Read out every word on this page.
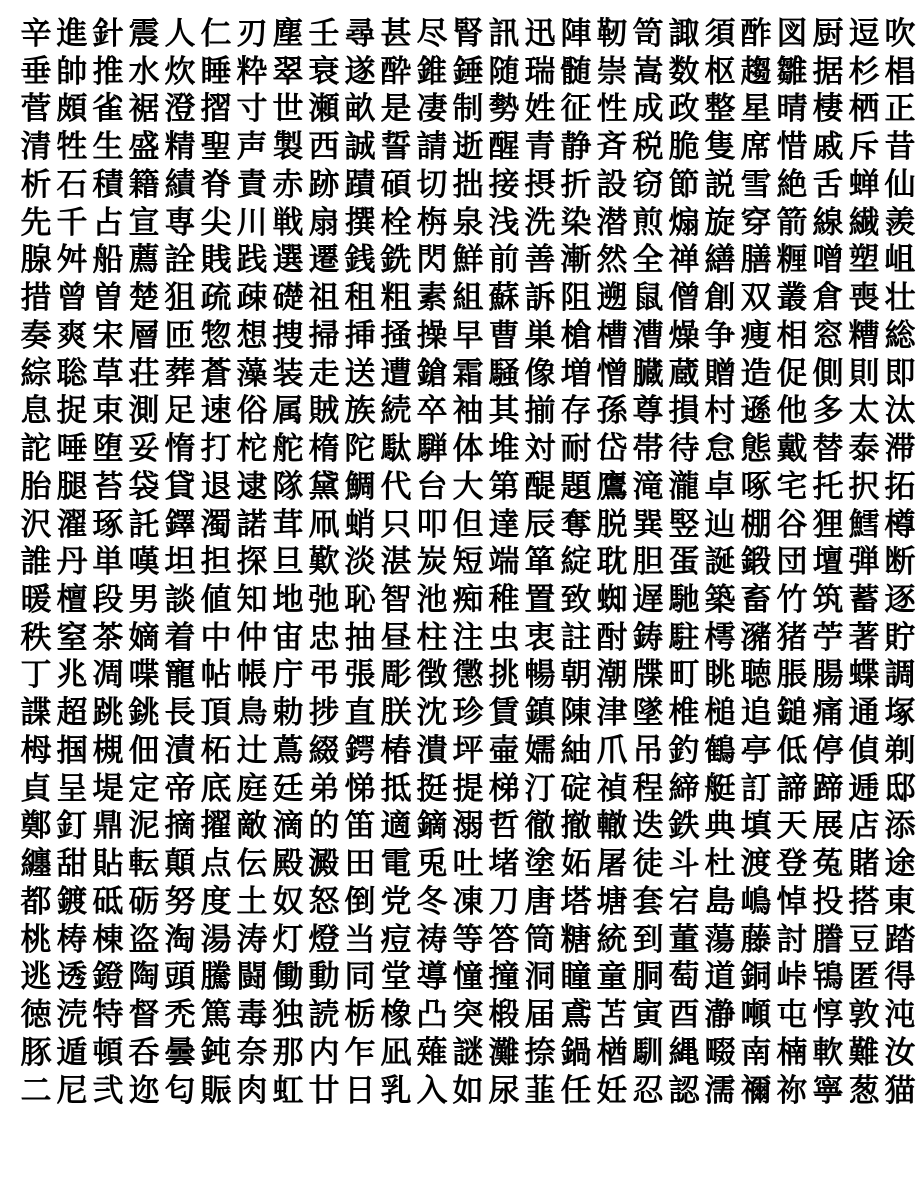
辛 進 針 震 人 仁 刃 塵 壬 尋 甚 尽 腎 訊 迅 陣 靭 笥 諏 須 酢 図 厨 逗 吹
垂 帥 推 水 炊 睡 粋 翠 衰 遂 酔 錐 錘 随 瑞 髄 崇 嵩 数 枢 趨 雛 据 杉 椙
菅 頗 雀 裾 澄 摺 寸 世 瀬 畝 是 凄 制 勢 姓 征 性 成 政 整 星 晴 棲 栖 正
清 牲 生 盛 精 聖 声 製 西 誠 誓 請 逝 醒 青 静 斉 税 脆 隻 席 惜 戚 斥 昔
析 石 積 籍 績 脊 責 赤 跡 蹟 碩 切 拙 接 摂 折 設 窃 節 説 雪 絶 舌 蝉 仙
先 千 占 宣 専 尖 川 戦 扇 撰 栓 栴 泉 浅 洗 染 潜 煎 煽 旋 穿 箭 線 繊 羨
腺 舛 船 薦 詮 賎 践 選 遷 銭 銑 閃 鮮 前 善 漸 然 全 禅 繕 膳 糎 噌 塑 岨
措 曾 曽 楚 狙 疏 疎 礎 祖 租 粗 素 組 蘇 訴 阻 遡 鼠 僧 創 双 叢 倉 喪 壮
奏 爽 宋 層 匝 惣 想 捜 掃 挿 掻 操 早 曹 巣 槍 槽 漕 燥 争 痩 相 窓 糟 総
綜 聡 草 荘 葬 蒼 藻 装 走 送 遭 鎗 霜 騒 像 増 憎 臓 蔵 贈 造 促 側 則 即
息 捉 束 測 足 速 俗 属 賊 族 続 卒 袖 其 揃 存 孫 尊 損 村 遜 他 多 太 汰
詑 唾 堕 妥 惰 打 柁 舵 楕 陀 駄 騨 体 堆 対 耐 岱 帯 待 怠 態 戴 替 泰 滞
胎 腿 苔 袋 貸 退 逮 隊 黛 鯛 代 台 大 第 醍 題 鷹 滝 瀧 卓 啄 宅 托 択 拓
沢 濯 琢 託 鐸 濁 諾 茸 凧 蛸 只 叩 但 達 辰 奪 脱 巽 竪 辿 棚 谷 狸 鱈 樽
誰 丹 単 嘆 坦 担 探 旦 歎 淡 湛 炭 短 端 箪 綻 耽 胆 蛋 誕 鍛 団 壇 弾 断
暖 檀 段 男 談 値 知 地 弛 恥 智 池 痴 稚 置 致 蜘 遅 馳 築 畜 竹 筑 蓄 逐
秩 窒 茶 嫡 着 中 仲 宙 忠 抽 昼 柱 注 虫 衷 註 酎 鋳 駐 樗 瀦 猪 苧 著 貯
丁 兆 凋 喋 寵 帖 帳 庁 弔 張 彫 徴 懲 挑 暢 朝 潮 牒 町 眺 聴 脹 腸 蝶 調
諜 超 跳 銚 長 頂 鳥 勅 捗 直 朕 沈 珍 賃 鎮 陳 津 墜 椎 槌 追 鎚 痛 通 塚
栂 掴 槻 佃 漬 柘 辻 蔦 綴 鍔 椿 潰 坪 壷 嬬 紬 爪 吊 釣 鶴 亭 低 停 偵 剃
貞 呈 堤 定 帝 底 庭 廷 弟 悌 抵 挺 提 梯 汀 碇 禎 程 締 艇 訂 諦 蹄 逓 邸
鄭 釘 鼎 泥 摘 擢 敵 滴 的 笛 適 鏑 溺 哲 徹 撤 轍 迭 鉄 典 填 天 展 店 添
纏 甜 貼 転 顛 点 伝 殿 澱 田 電 兎 吐 堵 塗 妬 屠 徒 斗 杜 渡 登 菟 賭 途
都 鍍 砥 砺 努 度 土 奴 怒 倒 党 冬 凍 刀 唐 塔 塘 套 宕 島 嶋 悼 投 搭 東
桃 梼 棟 盗 淘 湯 涛 灯 燈 当 痘 祷 等 答 筒 糖 統 到 董 蕩 藤 討 謄 豆 踏
逃 透 鐙 陶 頭 騰 闘 働 動 同 堂 導 憧 撞 洞 瞳 童 胴 萄 道 銅 峠 鴇 匿 得
徳 涜 特 督 禿 篤 毒 独 読 栃 橡 凸 突 椴 届 鳶 苫 寅 酉 瀞 噸 屯 惇 敦 沌
豚 遁 頓 呑 曇 鈍 奈 那 内 乍 凪 薙 謎 灘 捺 鍋 楢 馴 縄 畷 南 楠 軟 難 汝
二 尼 弐 迩 匂 賑 肉 虹 廿 日 乳 入 如 尿 韮 任 妊 忍 認 濡 禰 祢 寧 葱 猫
